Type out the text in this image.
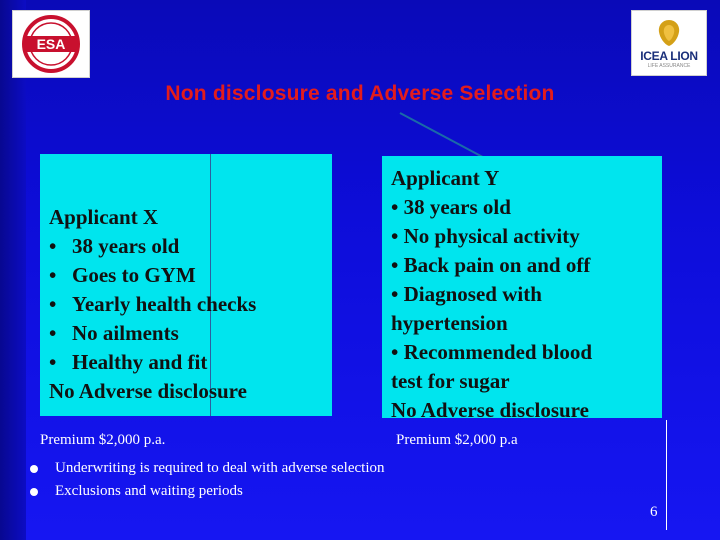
ESA
ICEA LION
LIFE ASSURANCE
Non disclosure and Adverse Selection
Applicant X
• 38 years old
• Goes to GYM
• Yearly health checks
• No ailments
• Healthy and fit
No Adverse disclosure
Applicant Y
• 38 years old
• No physical activity
• Back pain on and off
• Diagnosed with
hypertension
• Recommended blood
test for sugar
No Adverse disclosure
Premium $2,000 p.a.	Premium $2,000 p.a
Underwriting is required to deal with adverse selection
Exclusions and waiting periods
6
